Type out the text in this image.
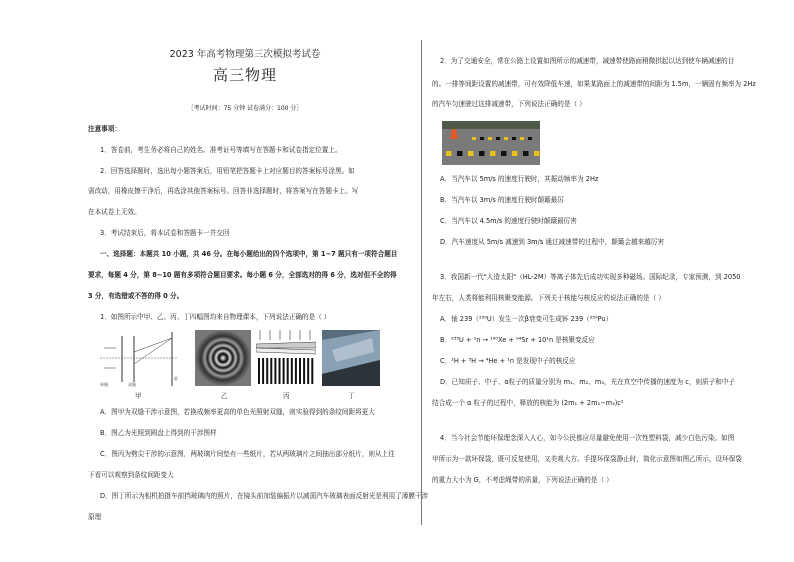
2023 年高考物理第三次模拟考试卷
高三物理
［考试时间：75 分钟 试卷满分：100 分］
注意事项：
1．答卷前，考生务必将自己的姓名、准考证号等填写在答题卡和试卷指定位置上。
2．回答选择题时，选出每小题答案后，用铅笔把答题卡上对应题目的答案标号涂黑。如
需改动，用橡皮擦干净后，再选涂其他答案标号。回答非选择题时，将答案写在答题卡上。写
在本试卷上无效。
3．考试结束后，将本试卷和答题卡一并交回
一、选择题：本题共 10 小题，共 46 分。在每小题给出的四个选项中，第 1~7 题只有一项符合题目
要求，每题 4 分，第 8~10 题有多项符合题目要求。每小题 6 分，全部选对的得 6 分，选对但不全的得
3 分，有选错或不答的得 0 分。
1．如图所示中甲、乙、丙、丁四幅图均来自物理课本，下列说法正确的是（ ）
单缝	双缝
屏
甲	乙	丙	丁
A．图甲为双缝干涉示意图，若换成频率更高的单色光照射双缝，则实验得到的条纹间距将更大
B．图乙为光照到圆盘上得到的干涉图样
C．图丙为劈尖干涉的示意图，两玻璃片间垫有一些纸片，若从两玻璃片之间抽出部分纸片，则从上往
下看可以观察到条纹间距变大
D．图丁所示为相机拍摄车前挡玻璃内的照片，在镜头前加装偏振片以减弱汽车玻璃表面反射光是利用了薄膜干涉
原理
2．为了交通安全，常在公路上设置如图所示的减速带，减速带使路面稍微拱起以达到使车辆减速的目
的。一排等间距设置的减速带，可有效降低车速，如果某路面上的减速带的间距为 1.5m，一辆固有频率为 2Hz
的汽车匀速驶过这排减速带，下列说法正确的是（ ）
A．当汽车以 5m/s 的速度行驶时，其振动频率为 2Hz
B．当汽车以 3m/s 的速度行驶时颠簸最厉
C．当汽车以 4.5m/s 的速度行驶时颠簸最厉害
D．汽车速度从 5m/s 减速到 3m/s 通过减速带的过程中，颠簸会越来越厉害
3．我国新一代"人造太阳"（HL-2M）等离子体先后成功实现多种磁场。国际纪录，专家预测，到 2050
年左右，人类将能利用核聚变能源。下列关于核能与核反应的说法正确的是（ ）
A．铀 239（²³⁹U）发生一次β衰变可生成钚 239（²³⁹Pu）
B．²³⁵U + ¹n → ¹⁴⁰Xe + ⁹⁴Sr + 10¹n 是核聚变反应
C．²H + ³H → ⁴He + ¹n 是发现中子的核反应
D．已知质子、中子、α粒子的质量分别为 m₁、m₂、m₃，光在真空中传播的速度为 c，则质子和中子
结合成一个 α 粒子的过程中，释放的核能为 (2m₁ + 2m₂−m₃)c²
4．当今社会节能环保理念深入人心，如今公民都应尽量避免使用一次性塑料袋，减少白色污染。如图
甲所示为一款环保袋，既可反复使用，又美观大方。手提环保袋静止时，简化示意图如图乙所示，设环保袋
的重力大小为 G，不考虑绳带的质量，下列说法正确的是（ ）
